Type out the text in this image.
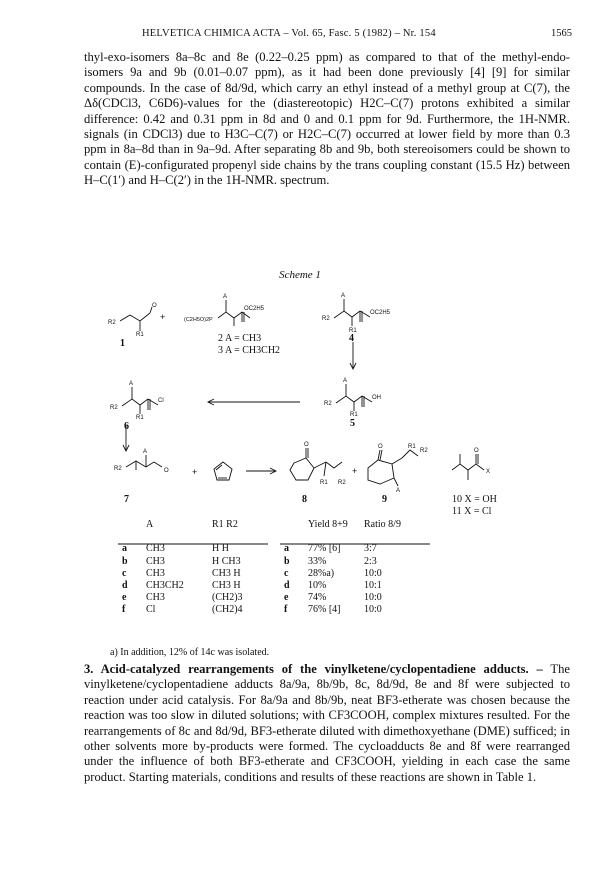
HELVETICA CHIMICA ACTA – Vol. 65, Fasc. 5 (1982) – Nr. 154	1565

thyl-exo-isomers 8a–8c and 8e (0.22–0.25 ppm) as compared to that of the methyl-endo-isomers 9a and 9b (0.01–0.07 ppm), as it had been done previously [4] [9] for similar compounds. In the case of 8d/9d, which carry an ethyl instead of a methyl group at C(7), the Δδ(CDCl3, C6D6)-values for the (diastereotopic) H2C–C(7) protons exhibited a similar difference: 0.42 and 0.31 ppm in 8d and 0 and 0.1 ppm for 9d. Furthermore, the 1H-NMR. signals (in CDCl3) due to H3C–C(7) or H2C–C(7) occurred at lower field by more than 0.3 ppm in 8a–8d than in 9a–9d. After separating 8b and 9b, both stereoisomers could be shown to contain (E)-configurated propenyl side chains by the trans coupling constant (15.5 Hz) between H–C(1′) and H–C(2′) in the 1H-NMR. spectrum.

Scheme 1
R2
R1
O
+	(C2H5O)2P
A
OC2H5
R2
A
R1
OC2H5
R2
A
R1
OH
R2
A
R1
Cl
R2
A
O	+
O
R1 R2
+
O	R1
R2
A
O
X
1	2 A = CH3
3 A = CH3CH2
4
5
6
7	8	9	10 X = OH
11 X = Cl
A	R1 R2
a	CH3	H H
b	CH3	H CH3
c	CH3	CH3 H
d	CH3CH2	CH3 H
e	CH3	(CH2)3
f	Cl	(CH2)4
Yield 8+9	Ratio 8/9
a	77% [6]	3:7
b	33%	2:3
c	28%a)	10:0
d	10%	10:1
e	74%	10:0
f	76% [4]	10:0
a) In addition, 12% of 14c was isolated.

3. Acid-catalyzed rearrangements of the vinylketene/cyclopentadiene adducts. – The vinylketene/cyclopentadiene adducts 8a/9a, 8b/9b, 8c, 8d/9d, 8e and 8f were subjected to reaction under acid catalysis. For 8a/9a and 8b/9b, neat BF3-etherate was chosen because the reaction was too slow in diluted solutions; with CF3COOH, complex mixtures resulted. For the rearrangements of 8c and 8d/9d, BF3-etherate diluted with dimethoxyethane (DME) sufficed; in other solvents more by-products were formed. The cycloadducts 8e and 8f were rearranged under the influence of both BF3-etherate and CF3COOH, yielding in each case the same product. Starting materials, conditions and results of these reactions are shown in Table 1.
